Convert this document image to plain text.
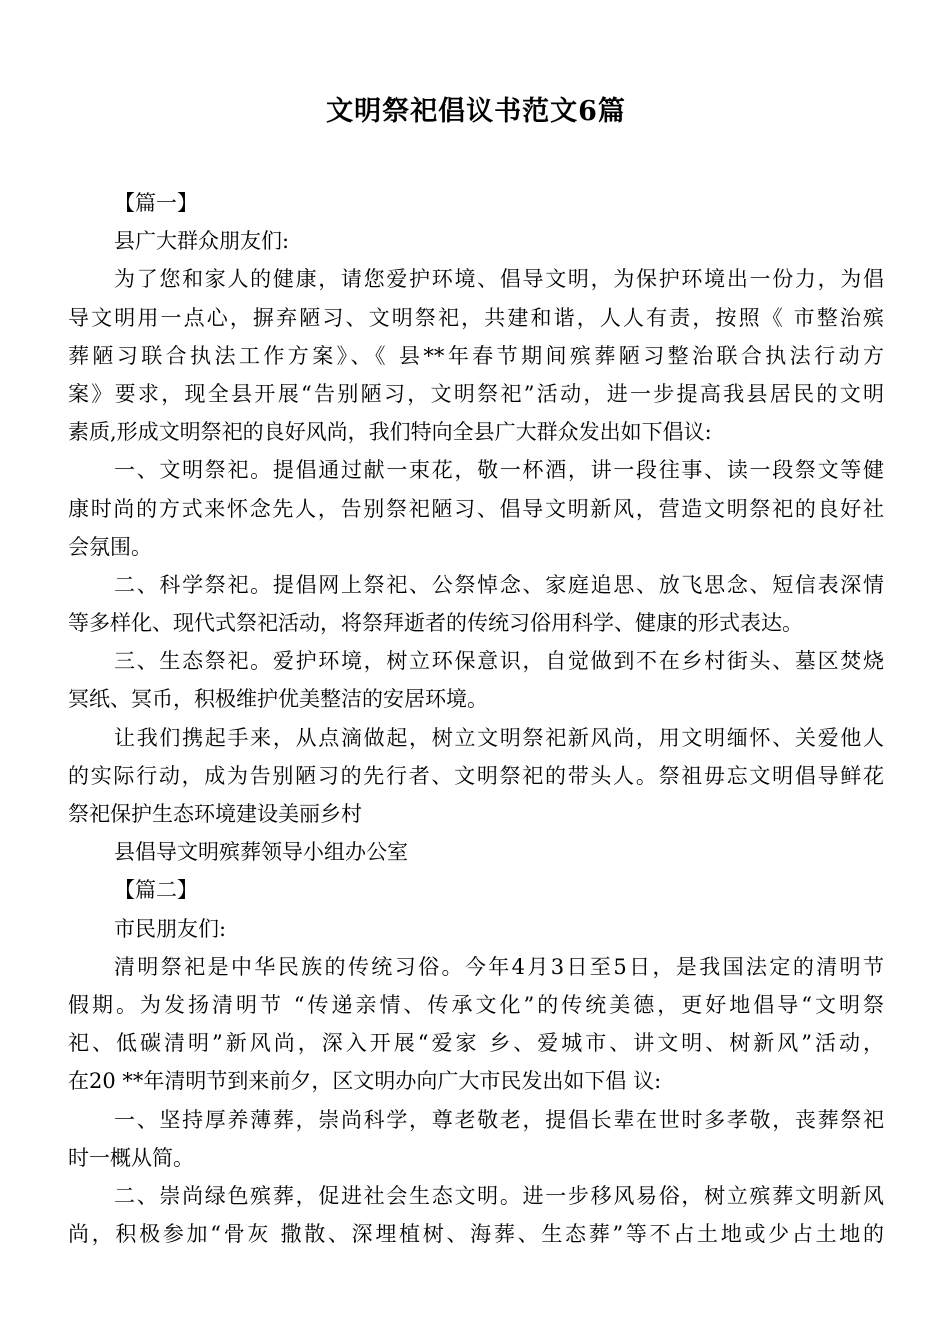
文明祭祀倡议书范文6篇
【篇一】
县广大群众朋友们:
为了您和家人的健康，请您爱护环境、倡导文明，为保护环境出一份力，为倡
导文明用一点心，摒弃陋习、文明祭祀，共建和谐，人人有责，按照《 市整治殡
葬陋习联合执法工作方案》、《 县**年春节期间殡葬陋习整治联合执法行动方
案》要求，现全县开展“告别陋习，文明祭祀”活动，进一步提高我县居民的文明
素质,形成文明祭祀的良好风尚，我们特向全县广大群众发出如下倡议:
一、文明祭祀。提倡通过献一束花，敬一杯酒，讲一段往事、读一段祭文等健
康时尚的方式来怀念先人，告别祭祀陋习、倡导文明新风，营造文明祭祀的良好社
会氛围。
二、科学祭祀。提倡网上祭祀、公祭悼念、家庭追思、放飞思念、短信表深情
等多样化、现代式祭祀活动，将祭拜逝者的传统习俗用科学、健康的形式表达。
三、生态祭祀。爱护环境，树立环保意识，自觉做到不在乡村街头、墓区焚烧
冥纸、冥币，积极维护优美整洁的安居环境。
让我们携起手来，从点滴做起，树立文明祭祀新风尚，用文明缅怀、关爱他人
的实际行动，成为告别陋习的先行者、文明祭祀的带头人。祭祖毋忘文明倡导鲜花
祭祀保护生态环境建设美丽乡村
县倡导文明殡葬领导小组办公室
【篇二】
市民朋友们:
清明祭祀是中华民族的传统习俗。今年4月3日至5日，是我国法定的清明节
假期。为发扬清明节 “传递亲情、传承文化”的传统美德，更好地倡导“文明祭
祀、低碳清明”新风尚，深入开展“爱家 乡、爱城市、讲文明、树新风”活动，
在20 **年清明节到来前夕，区文明办向广大市民发出如下倡 议:
一、坚持厚养薄葬，崇尚科学，尊老敬老，提倡长辈在世时多孝敬，丧葬祭祀
时一概从简。
二、崇尚绿色殡葬，促进社会生态文明。进一步移风易俗，树立殡葬文明新风
尚，积极参加“骨灰 撒散、深埋植树、海葬、生态葬”等不占土地或少占土地的
